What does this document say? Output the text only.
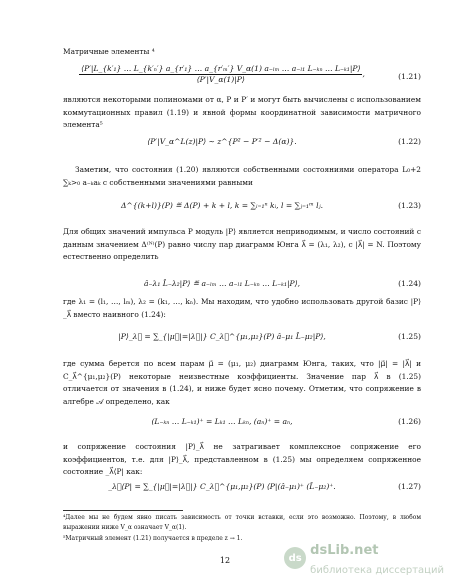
Матричные элементы ⁴
⟨P′|L_{k′₁} … L_{k′ₙ′} a_{r′₁} … a_{r′ₘ′} V_α(1) a₋ₗₘ … a₋ₗ₁ L₋ₖₙ … L₋ₖ₁|P⟩
⟨P′|V_α(1)|P⟩
,	(1.21)
являются некоторыми полиномами от α, P и P′ и могут быть вычислены с использованием коммутационных правил (1.19) и явной формы координатной зависимости матричного элемента⁵
⟨P′|V_α^L(z)|P⟩ ∼ z^{P² − P′² − Δ(α)}.	(1.22)
Заметим, что состояния (1.20) являются собственными состояниями оператора L₀+2 ∑ₖ>₀ a₋ₖaₖ с собственными значениями равными
Δ^{(k+l)}(P) ≝ Δ(P) + k + l, k = ∑ᵢ₌₁ⁿ kᵢ, l = ∑ⱼ₌₁ᵐ lⱼ.	(1.23)
Для общих значений импульса P модуль |P⟩ является неприводимым, и число состояний с данным значением Δ⁽ᴺ⁾(P) равно числу пар диаграмм Юнга λ⃗ = (λ₁, λ₂), с |λ⃗| = N. Поэтому естественно определить
â₋λ₁ L̂₋λ₂|P⟩ ≝ a₋ₗₘ … a₋ₗ₁ L₋ₖₙ … L₋ₖ₁|P⟩,	(1.24)
где λ₁ = (l₁, …, lₘ), λ₂ = (k₁, …, kₙ). Мы находим, что удобно использовать другой базис |P⟩_λ⃗ вместо наивного (1.24):
|P⟩_λ⃗ = ∑_{|μ⃗|=|λ⃗|} C_λ⃗^{μ₁,μ₂}(P) â₋μ₁ L̂₋μ₂|P⟩,	(1.25)
где сумма берется по всем парам μ⃗ = (μ₁, μ₂) диаграмм Юнга, таких, что |μ⃗| = |λ⃗| и C_λ⃗^{μ₁,μ₂}(P) некоторые неизвестные коэффициенты. Значение пар λ⃗ в (1.25) отличается от значения в (1.24), и ниже будет ясно почему. Отметим, что сопряжение в алгебре 𝒜 определено, как
(L₋ₖₙ … L₋ₖ₁)⁺ = Lₖ₁ … Lₖₙ, (aₙ)⁺ = aₙ,	(1.26)
и сопряжение состояния |P⟩_λ⃗ не затрагивает комплексное сопряжение его коэффициентов, т.е. для |P⟩_λ⃗, представленном в (1.25) мы определяем сопряженное состояние _λ⃗⟨P| как:
_λ⃗⟨P| = ∑_{|μ⃗|=|λ⃗|} C_λ⃗^{μ₁,μ₂}(P) ⟨P|(â₋μ₁)⁺ (L̂₋μ₂)⁺.	(1.27)
⁴Далее мы не будем явно писать зависимость от точки вставки, если это возможно. Поэтому, в любом выражении ниже V_α означает V_α(1).
⁵Матричный элемент (1.21) получается в пределе z → 1.
12	ds dsLib.net
библиотека диссертаций
